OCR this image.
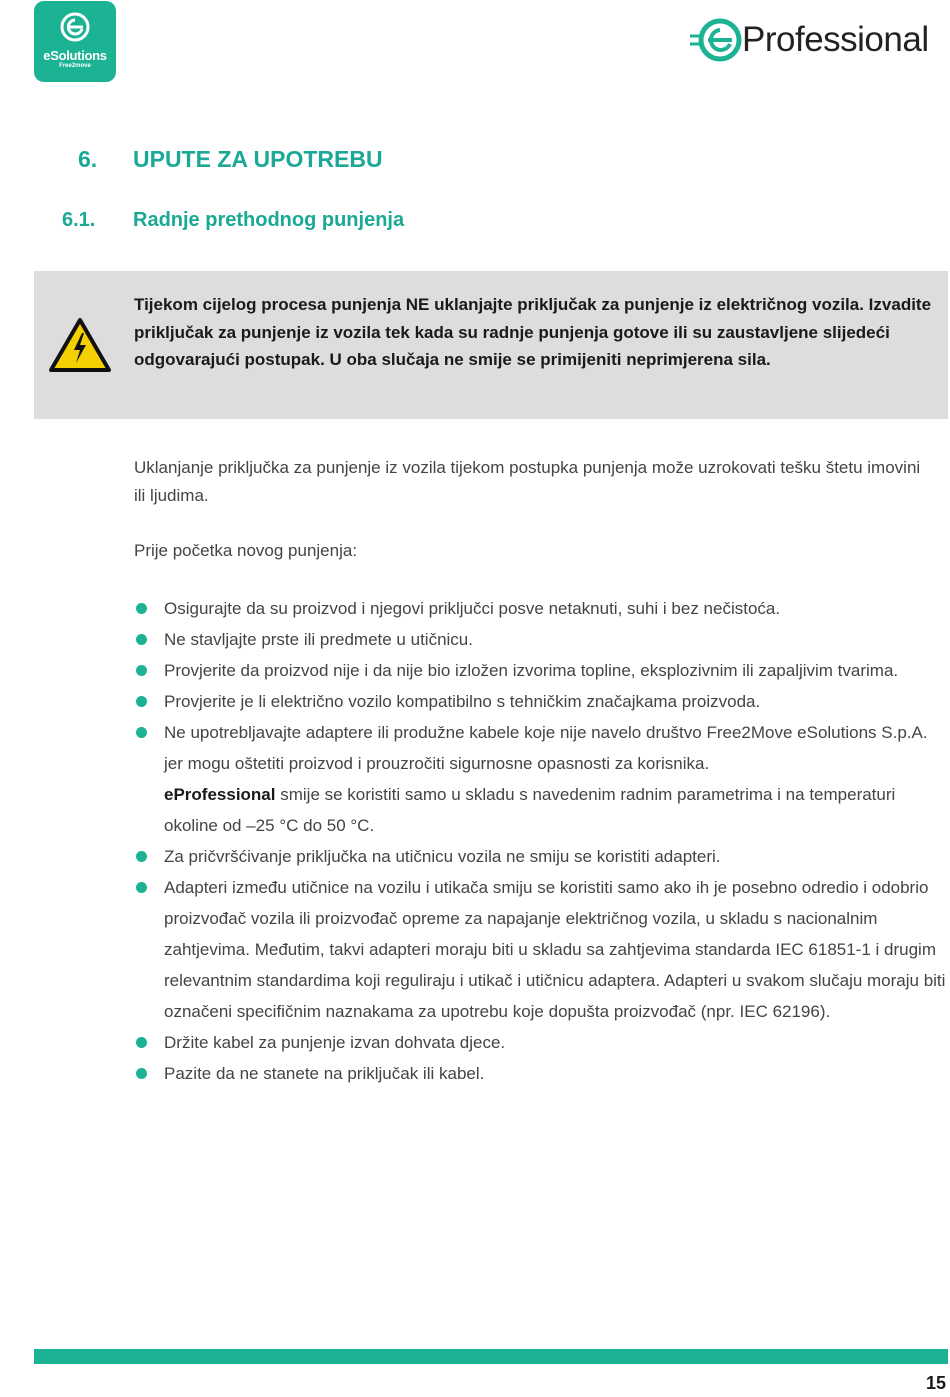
eSolutions
Free2move
Professional
6. UPUTE ZA UPOTREBU
6.1. Radnje prethodnog punjenja
Tijekom cijelog procesa punjenja NE uklanjajte priključak za punjenje iz električnog vozila. Izvadite priključak za punjenje iz vozila tek kada su radnje punjenja gotove ili su zaustavljene slijedeći odgovarajući postupak. U oba slučaja ne smije se primijeniti neprimjerena sila.
Uklanjanje priključka za punjenje iz vozila tijekom postupka punjenja može uzrokovati tešku štetu imovini ili ljudima.
Prije početka novog punjenja:
Osigurajte da su proizvod i njegovi priključci posve netaknuti, suhi i bez nečistoća.
Ne stavljajte prste ili predmete u utičnicu.
Provjerite da proizvod nije i da nije bio izložen izvorima topline, eksplozivnim ili zapaljivim tvarima.
Provjerite je li električno vozilo kompatibilno s tehničkim značajkama proizvoda.
Ne upotrebljavajte adaptere ili produžne kabele koje nije navelo društvo Free2Move eSolutions S.p.A. jer mogu oštetiti proizvod i prouzročiti sigurnosne opasnosti za korisnika.
eProfessional smije se koristiti samo u skladu s navedenim radnim parametrima i na temperaturi okoline od –25 °C do 50 °C.
Za pričvršćivanje priključka na utičnicu vozila ne smiju se koristiti adapteri.
Adapteri između utičnice na vozilu i utikača smiju se koristiti samo ako ih je posebno odredio i odobrio proizvođač vozila ili proizvođač opreme za napajanje električnog vozila, u skladu s nacionalnim zahtjevima. Međutim, takvi adapteri moraju biti u skladu sa zahtjevima standarda IEC 61851-1 i drugim relevantnim standardima koji reguliraju i utikač i utičnicu adaptera. Adapteri u svakom slučaju moraju biti označeni specifičnim naznakama za upotrebu koje dopušta proizvođač (npr. IEC 62196).
Držite kabel za punjenje izvan dohvata djece.
Pazite da ne stanete na priključak ili kabel.
15
